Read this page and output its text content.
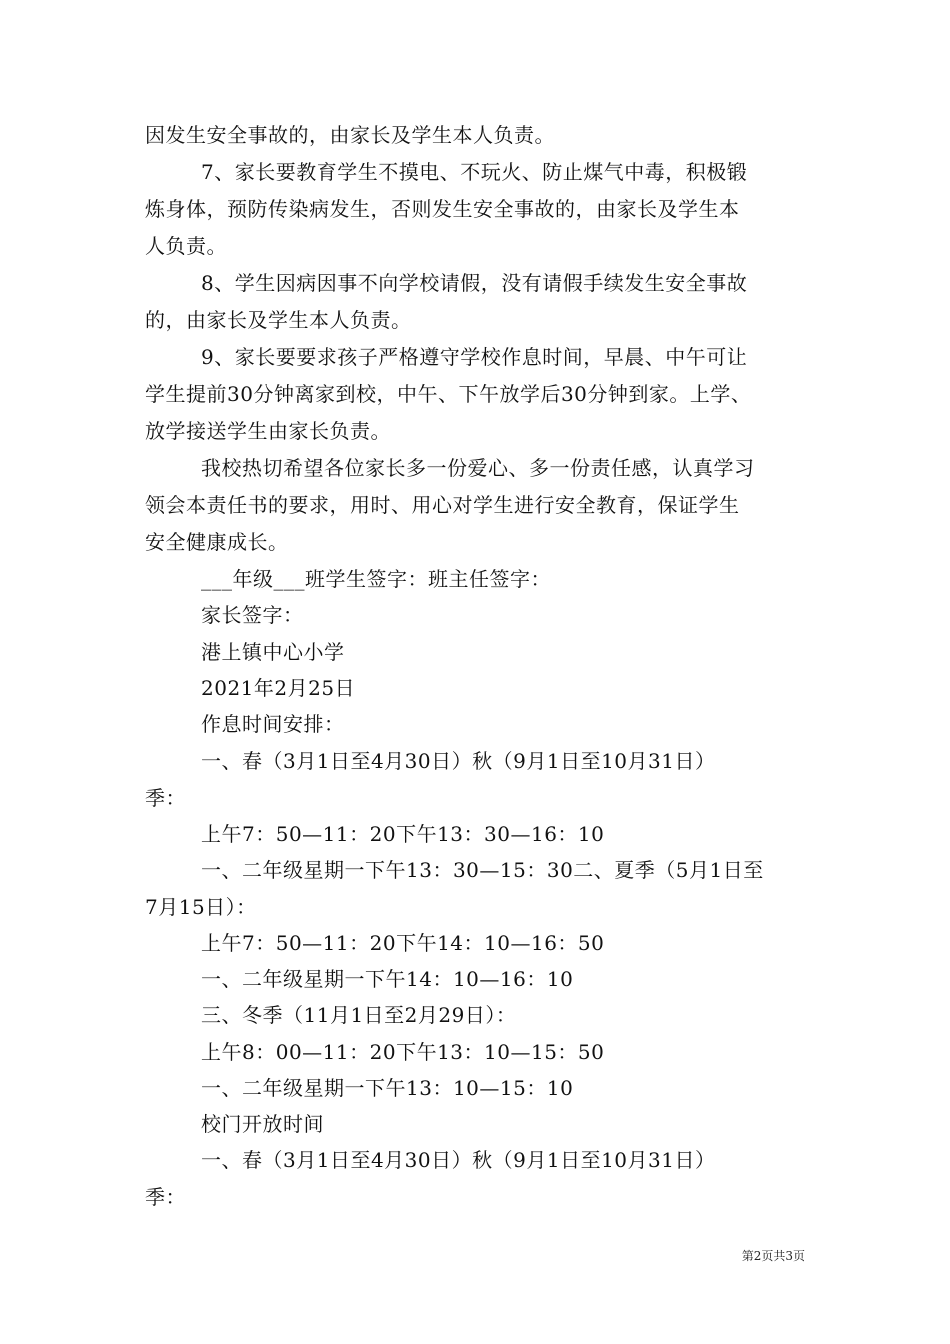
因发生安全事故的，由家长及学生本人负责。
7、家长要教育学生不摸电、不玩火、防止煤气中毒，积极锻
炼身体，预防传染病发生，否则发生安全事故的，由家长及学生本
人负责。
8、学生因病因事不向学校请假，没有请假手续发生安全事故
的，由家长及学生本人负责。
9、家长要要求孩子严格遵守学校作息时间，早晨、中午可让
学生提前30分钟离家到校，中午、下午放学后30分钟到家。上学、
放学接送学生由家长负责。
我校热切希望各位家长多一份爱心、多一份责任感，认真学习
领会本责任书的要求，用时、用心对学生进行安全教育，保证学生
安全健康成长。
___年级___班学生签字：班主任签字：
家长签字：
港上镇中心小学
2021年2月25日
作息时间安排：
一、春（3月1日至4月30日）秋（9月1日至10月31日）
季：
上午7：50—11：20下午13：30—16：10
一、二年级星期一下午13：30—15：30二、夏季（5月1日至
7月15日）：
上午7：50—11：20下午14：10—16：50
一、二年级星期一下午14：10—16：10
三、冬季（11月1日至2月29日）：
上午8：00—11：20下午13：10—15：50
一、二年级星期一下午13：10—15：10
校门开放时间
一、春（3月1日至4月30日）秋（9月1日至10月31日）
季：
第2页共3页
